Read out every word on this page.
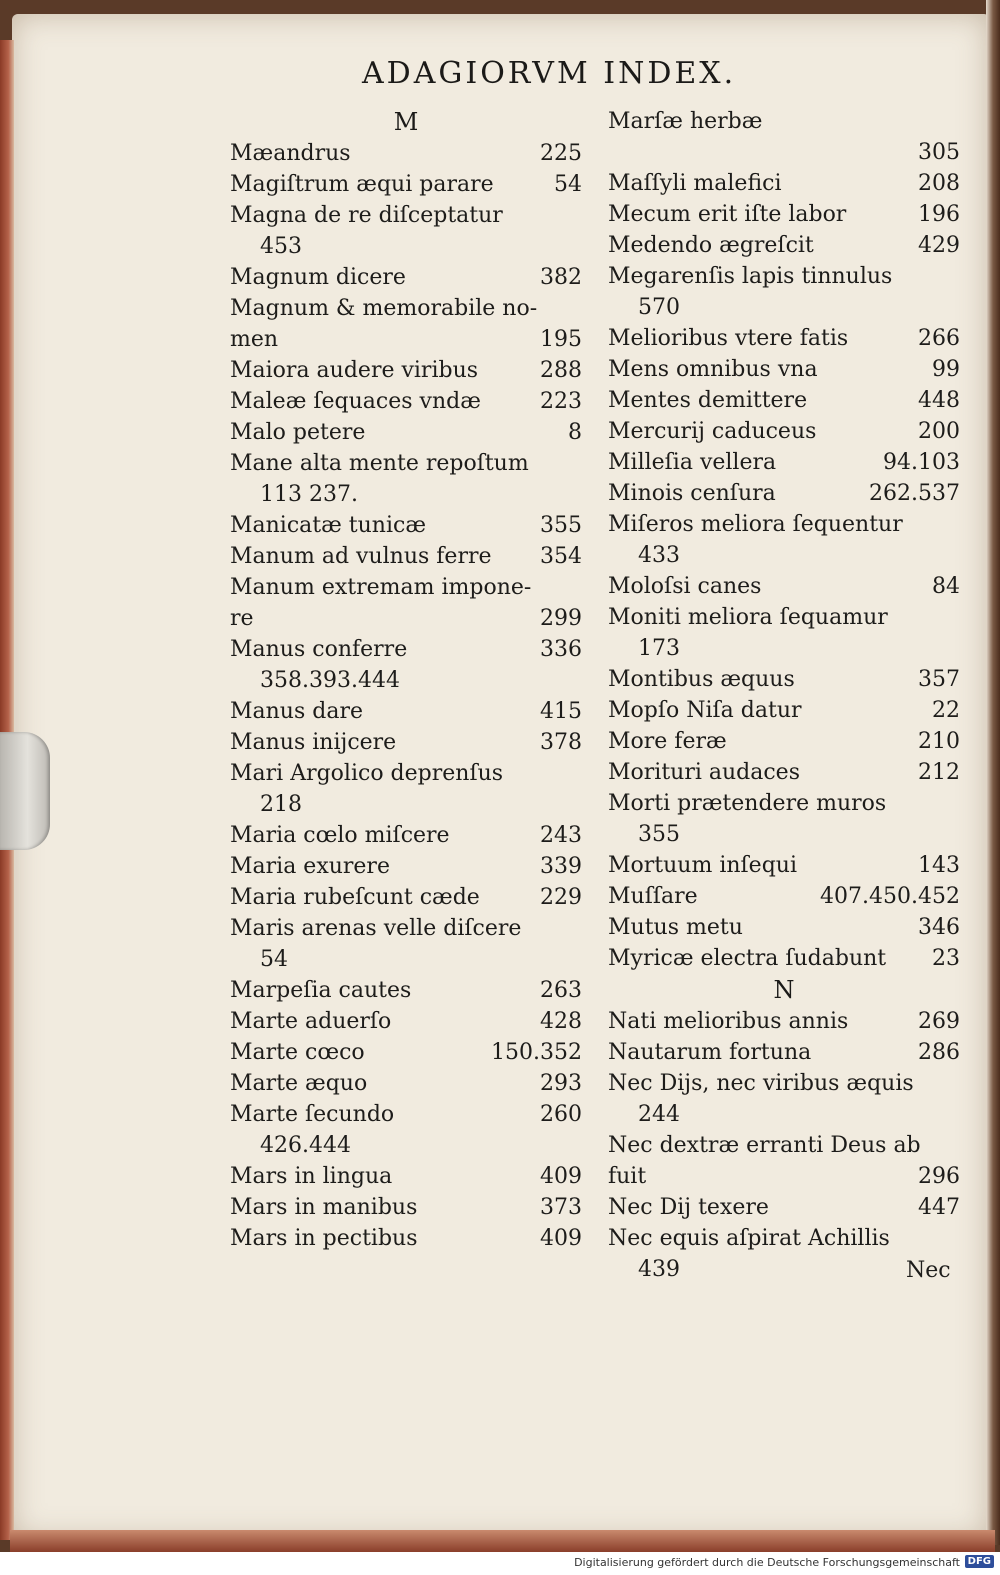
ADAGIORVM INDEX.
M
Mæandrus	225
Magiſtrum æqui parare	54
Magna de re diſceptatur
453
Magnum dicere	382
Magnum & memorabile no-
men	195
Maiora audere viribus	288
Maleæ ſequaces vndæ	223
Malo petere	8
Mane alta mente repoſtum
113 237.
Manicatæ tunicæ	355
Manum ad vulnus ferre 354
Manum extremam impone-
re	299
Manus conferre	336
358.393.444
Manus dare	415
Manus inijcere	378
Mari Argolico deprenſus
218
Maria cœlo miſcere	243
Maria exurere	339
Maria rubeſcunt cæde	229
Maris arenas velle diſcere
54
Marpeſia cautes	263
Marte aduerſo	428
Marte cœco	150.352
Marte æquo	293
Marte ſecundo	260
426.444
Mars in lingua	409
Mars in manibus	373
Mars in pectibus	409
Marſæ herbæ
305
Maſſyli malefici	208
Mecum erit iſte labor	196
Medendo ægreſcit	429
Megarenſis lapis tinnulus
570
Melioribus vtere fatis	266
Mens omnibus vna	99
Mentes demittere	448
Mercurij caduceus	200
Milleſia vellera	94.103
Minois cenſura	262.537
Miſeros meliora ſequentur
433
Moloſsi canes	84
Moniti meliora ſequamur
173
Montibus æquus	357
Mopſo Niſa datur	22
More feræ	210
Morituri audaces	212
Morti prætendere muros
355
Mortuum inſequi	143
Muſſare	407.450.452
Mutus metu	346
Myricæ electra ſudabunt 23
N
Nati melioribus annis	269
Nautarum fortuna	286
Nec Dijs, nec viribus æquis
244
Nec dextræ erranti Deus ab
fuit	296
Nec Dij texere	447
Nec equis aſpirat Achillis
439	Nec
Digitalisierung gefördert durch die Deutsche Forschungsgemeinschaft DFG
